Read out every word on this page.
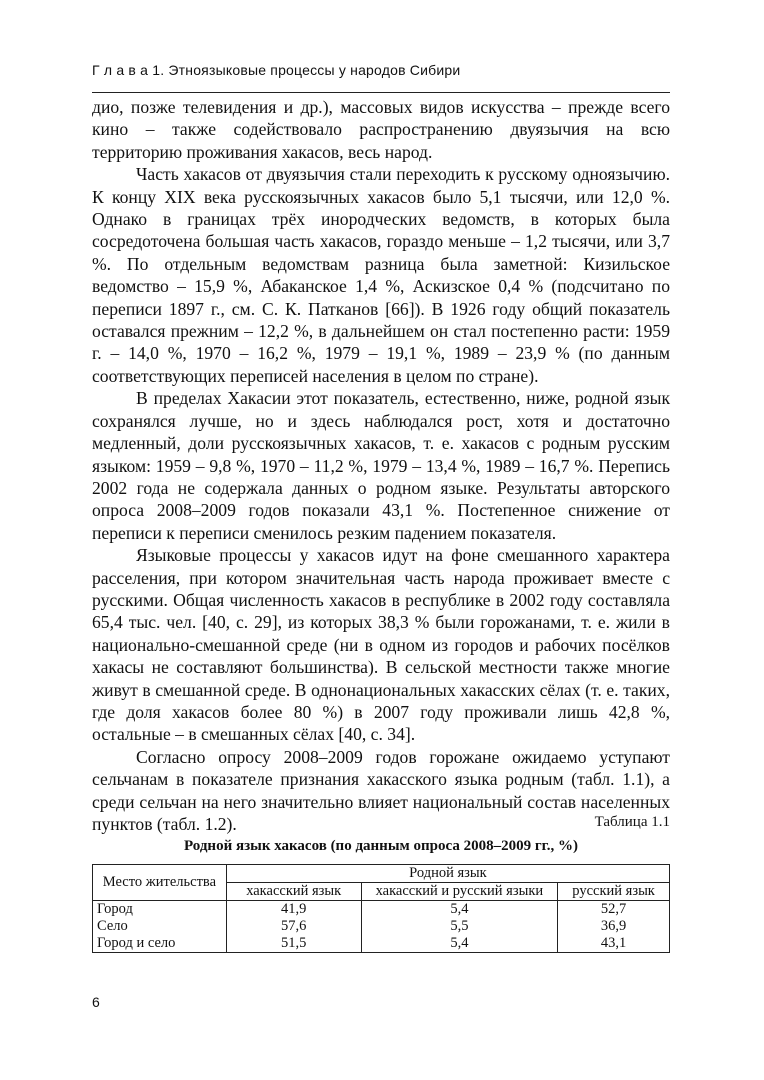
Г л а в а 1. Этноязыковые процессы у народов Сибири

дио, позже телевидения и др.), массовых видов искусства – прежде всего кино – также содействовало распространению двуязычия на всю территорию проживания хакасов, весь народ.

Часть хакасов от двуязычия стали переходить к русскому одноязычию. К концу XIX века русскоязычных хакасов было 5,1 тысячи, или 12,0 %. Однако в границах трёх инородческих ведомств, в которых была сосредоточена большая часть хакасов, гораздо меньше – 1,2 тысячи, или 3,7 %. По отдельным ведомствам разница была заметной: Кизильское ведомство – 15,9 %, Абаканское 1,4 %, Аскизское 0,4 % (подсчитано по переписи 1897 г., см. С. К. Патканов [66]). В 1926 году общий показатель оставался прежним – 12,2 %, в дальнейшем он стал постепенно расти: 1959 г. – 14,0 %, 1970 – 16,2 %, 1979 – 19,1 %, 1989 – 23,9 % (по данным соответствующих переписей населения в целом по стране).

В пределах Хакасии этот показатель, естественно, ниже, родной язык сохранялся лучше, но и здесь наблюдался рост, хотя и достаточно медленный, доли русскоязычных хакасов, т. е. хакасов с родным русским языком: 1959 – 9,8 %, 1970 – 11,2 %, 1979 – 13,4 %, 1989 – 16,7 %. Перепись 2002 года не содержала данных о родном языке. Результаты авторского опроса 2008–2009 годов показали 43,1 %. Постепенное снижение от переписи к переписи сменилось резким падением показателя.

Языковые процессы у хакасов идут на фоне смешанного характера расселения, при котором значительная часть народа проживает вместе с русскими. Общая численность хакасов в республике в 2002 году составляла 65,4 тыс. чел. [40, с. 29], из которых 38,3 % были горожанами, т. е. жили в национально-смешанной среде (ни в одном из городов и рабочих посёлков хакасы не составляют большинства). В сельской местности также многие живут в смешанной среде. В однонациональных хакасских сёлах (т. е. таких, где доля хакасов более 80 %) в 2007 году проживали лишь 42,8 %, остальные – в смешанных сёлах [40, с. 34].

Согласно опросу 2008–2009 годов горожане ожидаемо уступают сельчанам в показателе признания хакасского языка родным (табл. 1.1), а среди сельчан на него значительно влияет национальный состав населенных пунктов (табл. 1.2).	Таблица 1.1
Родной язык хакасов (по данным опроса 2008–2009 гг., %)
Место жительства	Родной язык		
	хакасский язык	хакасский и русский языки	русский язык
Город	41,9	5,4	52,7
Село	57,6	5,5	36,9
Город и село	51,5	5,4	43,1
6
